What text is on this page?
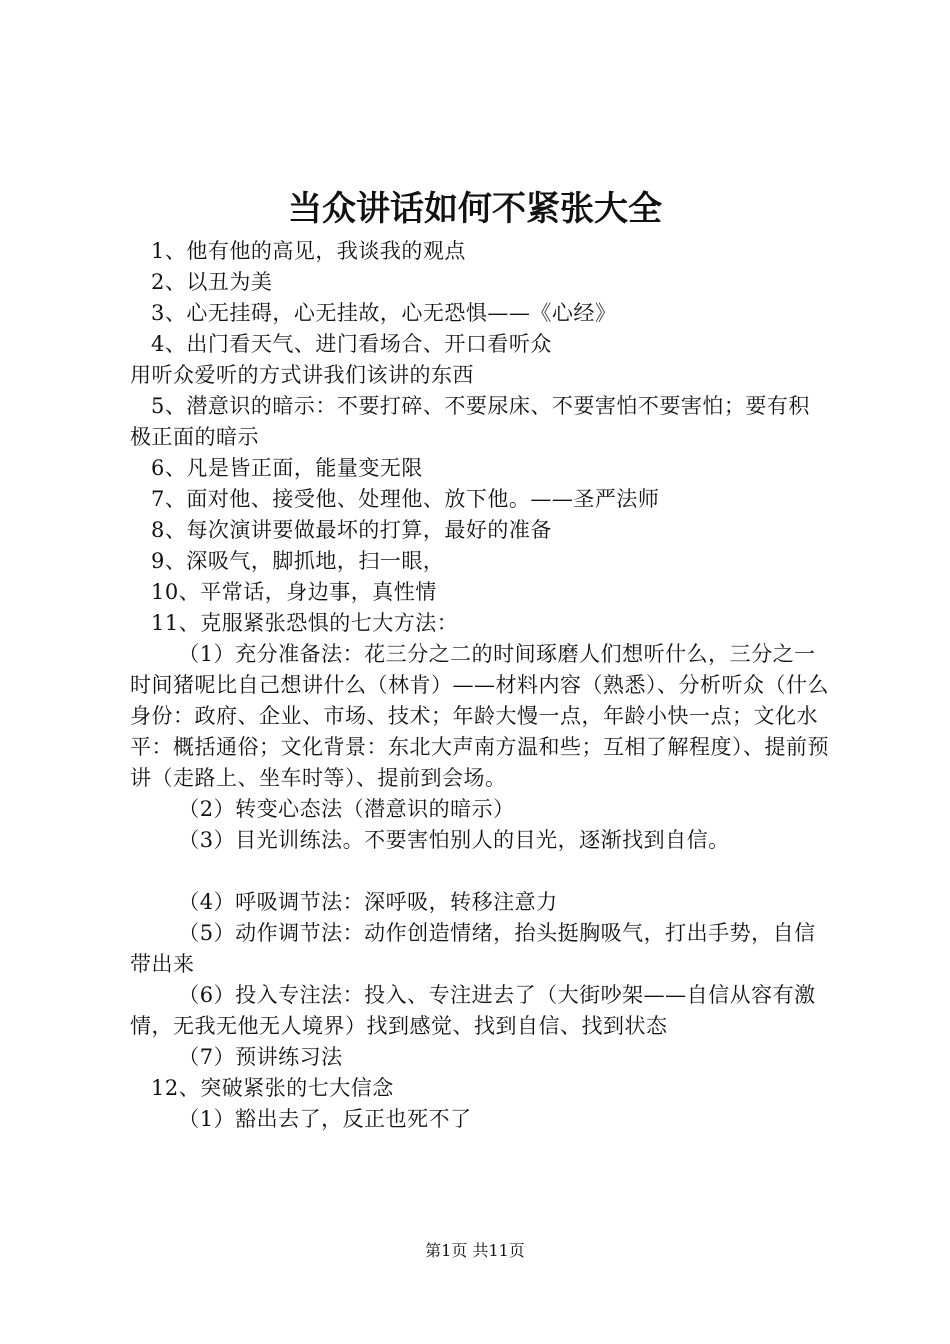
当众讲话如何不紧张大全

1、他有他的高见，我谈我的观点

2、以丑为美

3、心无挂碍，心无挂故，心无恐惧——《心经》

4、出门看天气、进门看场合、开口看听众

用听众爱听的方式讲我们该讲的东西

5、潜意识的暗示：不要打碎、不要尿床、不要害怕不要害怕；要有积极正面的暗示

6、凡是皆正面，能量变无限

7、面对他、接受他、处理他、放下他。——圣严法师

8、每次演讲要做最坏的打算，最好的准备

9、深吸气，脚抓地，扫一眼，

10、平常话，身边事，真性情

11、克服紧张恐惧的七大方法：

（1）充分准备法：花三分之二的时间琢磨人们想听什么，三分之一时间猪呢比自己想讲什么（林肯）——材料内容（熟悉）、分析听众（什么身份：政府、企业、市场、技术；年龄大慢一点，年龄小快一点；文化水平：概括通俗；文化背景：东北大声南方温和些；互相了解程度）、提前预讲（走路上、坐车时等）、提前到会场。

（2）转变心态法（潜意识的暗示）

（3）目光训练法。不要害怕别人的目光，逐渐找到自信。

（4）呼吸调节法：深呼吸，转移注意力

（5）动作调节法：动作创造情绪，抬头挺胸吸气，打出手势，自信带出来

（6）投入专注法：投入、专注进去了（大街吵架——自信从容有激情，无我无他无人境界）找到感觉、找到自信、找到状态

（7）预讲练习法

12、突破紧张的七大信念

（1）豁出去了，反正也死不了

第1页 共11页
